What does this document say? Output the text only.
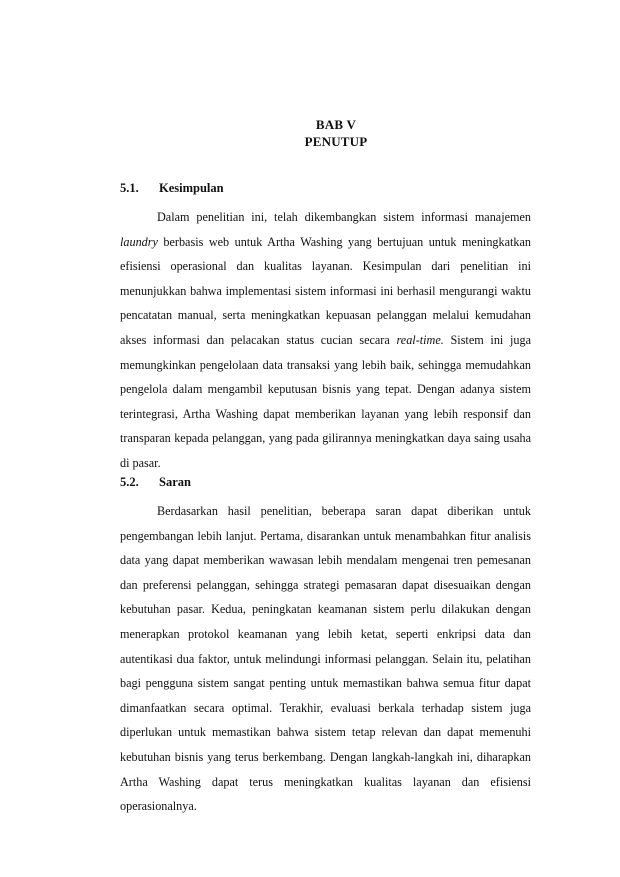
BAB V
PENUTUP
5.1. Kesimpulan

Dalam penelitian ini, telah dikembangkan sistem informasi manajemen laundry berbasis web untuk Artha Washing yang bertujuan untuk meningkatkan efisiensi operasional dan kualitas layanan. Kesimpulan dari penelitian ini menunjukkan bahwa implementasi sistem informasi ini berhasil mengurangi waktu pencatatan manual, serta meningkatkan kepuasan pelanggan melalui kemudahan akses informasi dan pelacakan status cucian secara real-time. Sistem ini juga memungkinkan pengelolaan data transaksi yang lebih baik, sehingga memudahkan pengelola dalam mengambil keputusan bisnis yang tepat. Dengan adanya sistem terintegrasi, Artha Washing dapat memberikan layanan yang lebih responsif dan transparan kepada pelanggan, yang pada gilirannya meningkatkan daya saing usaha di pasar.

5.2. Saran

Berdasarkan hasil penelitian, beberapa saran dapat diberikan untuk pengembangan lebih lanjut. Pertama, disarankan untuk menambahkan fitur analisis data yang dapat memberikan wawasan lebih mendalam mengenai tren pemesanan dan preferensi pelanggan, sehingga strategi pemasaran dapat disesuaikan dengan kebutuhan pasar. Kedua, peningkatan keamanan sistem perlu dilakukan dengan menerapkan protokol keamanan yang lebih ketat, seperti enkripsi data dan autentikasi dua faktor, untuk melindungi informasi pelanggan. Selain itu, pelatihan bagi pengguna sistem sangat penting untuk memastikan bahwa semua fitur dapat dimanfaatkan secara optimal. Terakhir, evaluasi berkala terhadap sistem juga diperlukan untuk memastikan bahwa sistem tetap relevan dan dapat memenuhi kebutuhan bisnis yang terus berkembang. Dengan langkah-langkah ini, diharapkan Artha Washing dapat terus meningkatkan kualitas layanan dan efisiensi operasionalnya.
